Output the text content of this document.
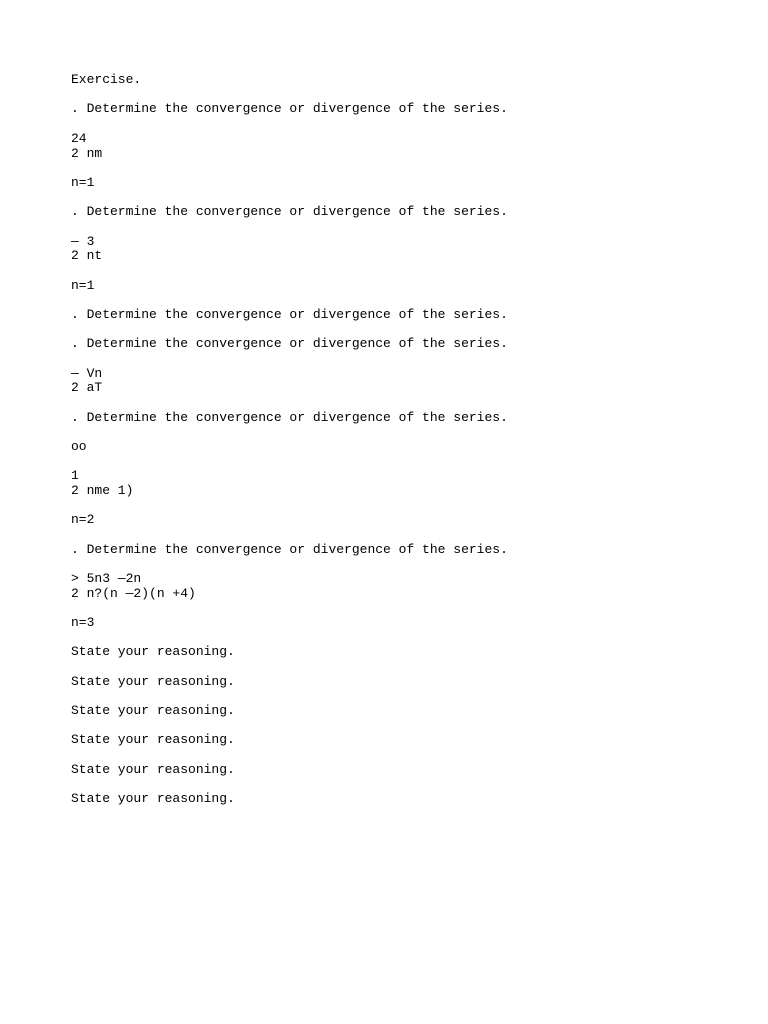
Exercise.
. Determine the convergence or divergence of the series.
24
2 nm
n=1
. Determine the convergence or divergence of the series.
— 3
2 nt
n=1
. Determine the convergence or divergence of the series.
. Determine the convergence or divergence of the series.
— Vn
2 aT
. Determine the convergence or divergence of the series.
oo
1
2 nme 1)
n=2
. Determine the convergence or divergence of the series.
> 5n3 —2n
2 n?(n —2)(n +4)
n=3
State your reasoning.
State your reasoning.
State your reasoning.
State your reasoning.
State your reasoning.
State your reasoning.
